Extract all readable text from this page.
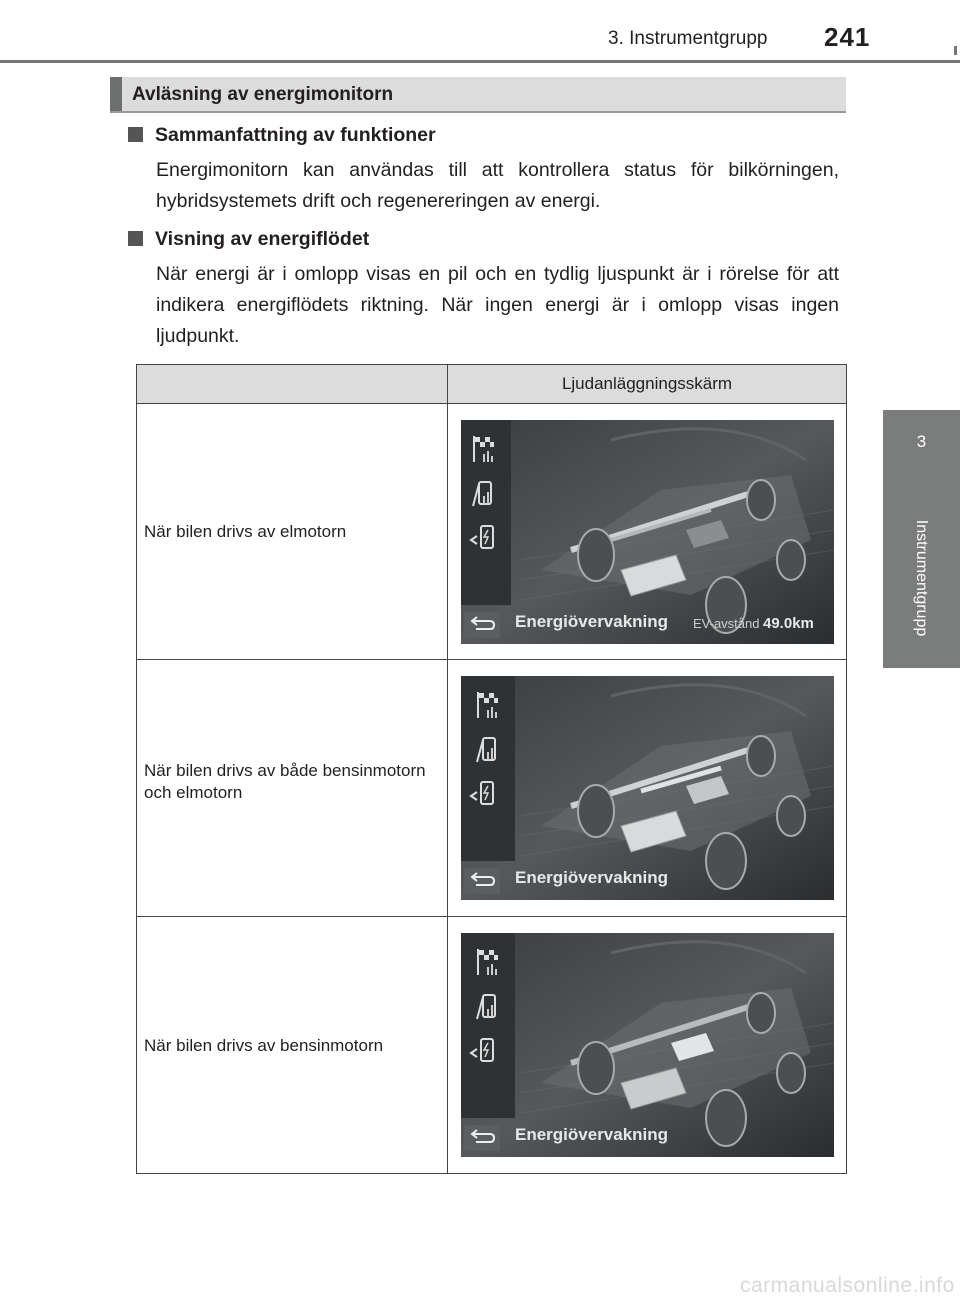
3. Instrumentgrupp 241
3
Instrumentgrupp
Avläsning av energimonitorn
Sammanfattning av funktioner
Energimonitorn kan användas till att kontrollera status för bilkörningen, hybridsystemets drift och regenereringen av energi.
Visning av energiflödet
När energi är i omlopp visas en pil och en tydlig ljuspunkt är i rörelse för att indikera energiflödets riktning. När ingen energi är i omlopp visas ingen ljudpunkt.
Ljudanläggningsskärm
När bilen drivs av elmotorn
Energiövervakning EV-avstånd 49.0km
När bilen drivs av både bensinmotorn och elmotorn
Energiövervakning
När bilen drivs av bensinmotorn
Energiövervakning
carmanualsonline.info
